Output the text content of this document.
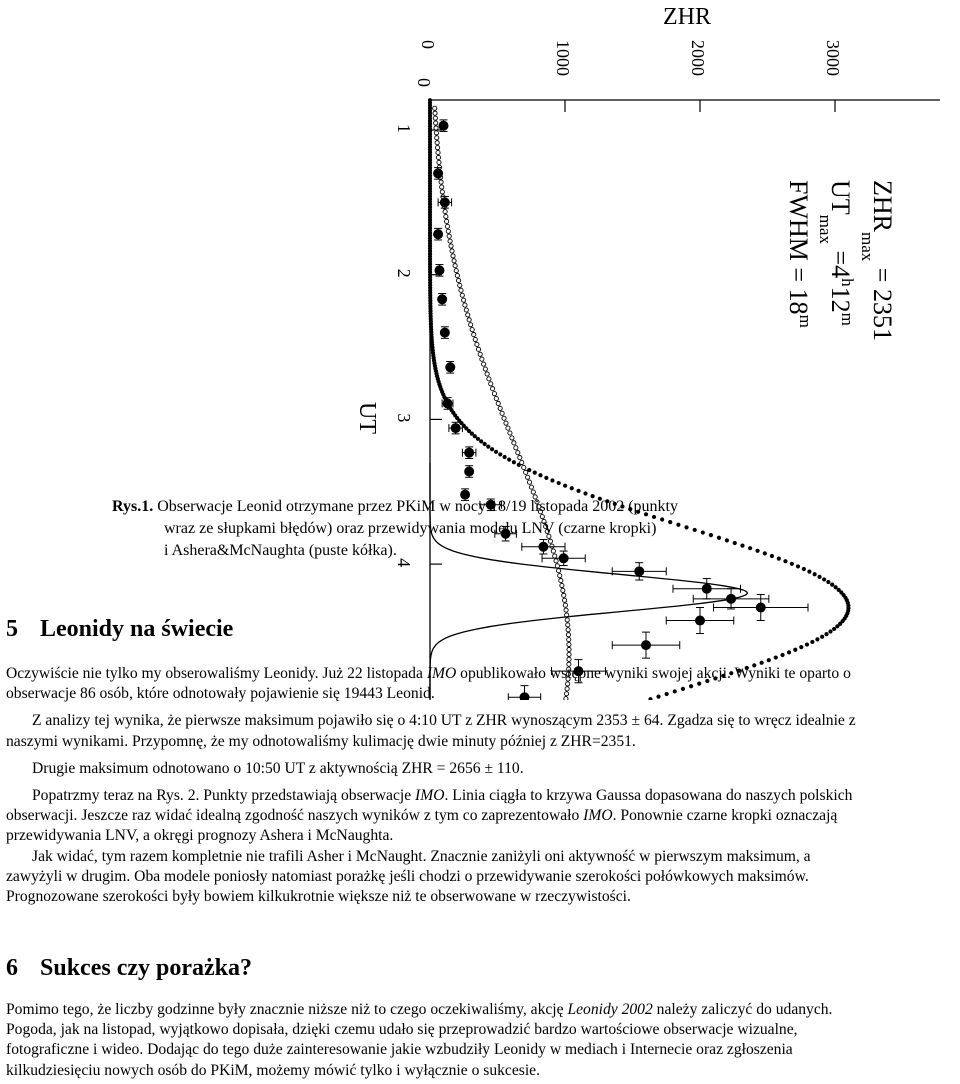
0	1000	2000	3000
1
2
3
4
0
ZHR
UT
$ZHR_{max} = 2351$
$UT_{max} =4^h12^m$
FWHM = $18^m$
Rys.1. Obserwacje Leonid otrzymane przez PKiM w nocy 18/19 listopada 2002 (punkty
wraz ze słupkami błędów) oraz przewidywania modelu LNV (czarne kropki)
i Ashera&McNaughta (puste kółka).
5 Leonidy na świecie

Oczywiście nie tylko my obserowaliśmy Leonidy. Już 22 listopada IMO opublikowało wstępne wyniki swojej akcji. Wyniki te oparto o obserwacje 86 osób, które odnotowały pojawienie się 19443 Leonid.

Z analizy tej wynika, że pierwsze maksimum pojawiło się o 4:10 UT z ZHR wynoszącym 2353 ± 64. Zgadza się to wręcz idealnie z naszymi wynikami. Przypomnę, że my odnotowaliśmy kulimację dwie minuty później z ZHR=2351.

Drugie maksimum odnotowano o 10:50 UT z aktywnością ZHR = 2656 ± 110.

Popatrzmy teraz na Rys. 2. Punkty przedstawiają obserwacje IMO. Linia ciągła to krzywa Gaussa dopasowana do naszych polskich obserwacji. Jeszcze raz widać idealną zgodność naszych wyników z tym co zaprezentowało IMO. Ponownie czarne kropki oznaczają przewidywania LNV, a okręgi prognozy Ashera i McNaughta.

Jak widać, tym razem kompletnie nie trafili Asher i McNaught. Znacznie zaniżyli oni aktywność w pierwszym maksimum, a zawyżyli w drugim. Oba modele poniosły natomiast porażkę jeśli chodzi o przewidywanie szerokości połówkowych maksimów. Prognozowane szerokości były bowiem kilkukrotnie większe niż te obserwowane w rzeczywistości.

6 Sukces czy porażka?

Pomimo tego, że liczby godzinne były znacznie niższe niż to czego oczekiwaliśmy, akcję Leonidy 2002 należy zaliczyć do udanych. Pogoda, jak na listopad, wyjątkowo dopisała, dzięki czemu udało się przeprowadzić bardzo wartościowe obserwacje wizualne, fotograficzne i wideo. Dodając do tego duże zainteresowanie jakie wzbudziły Leonidy w mediach i Internecie oraz zgłoszenia kilkudziesięciu nowych osób do PKiM, możemy mówić tylko i wyłącznie o sukcesie.
